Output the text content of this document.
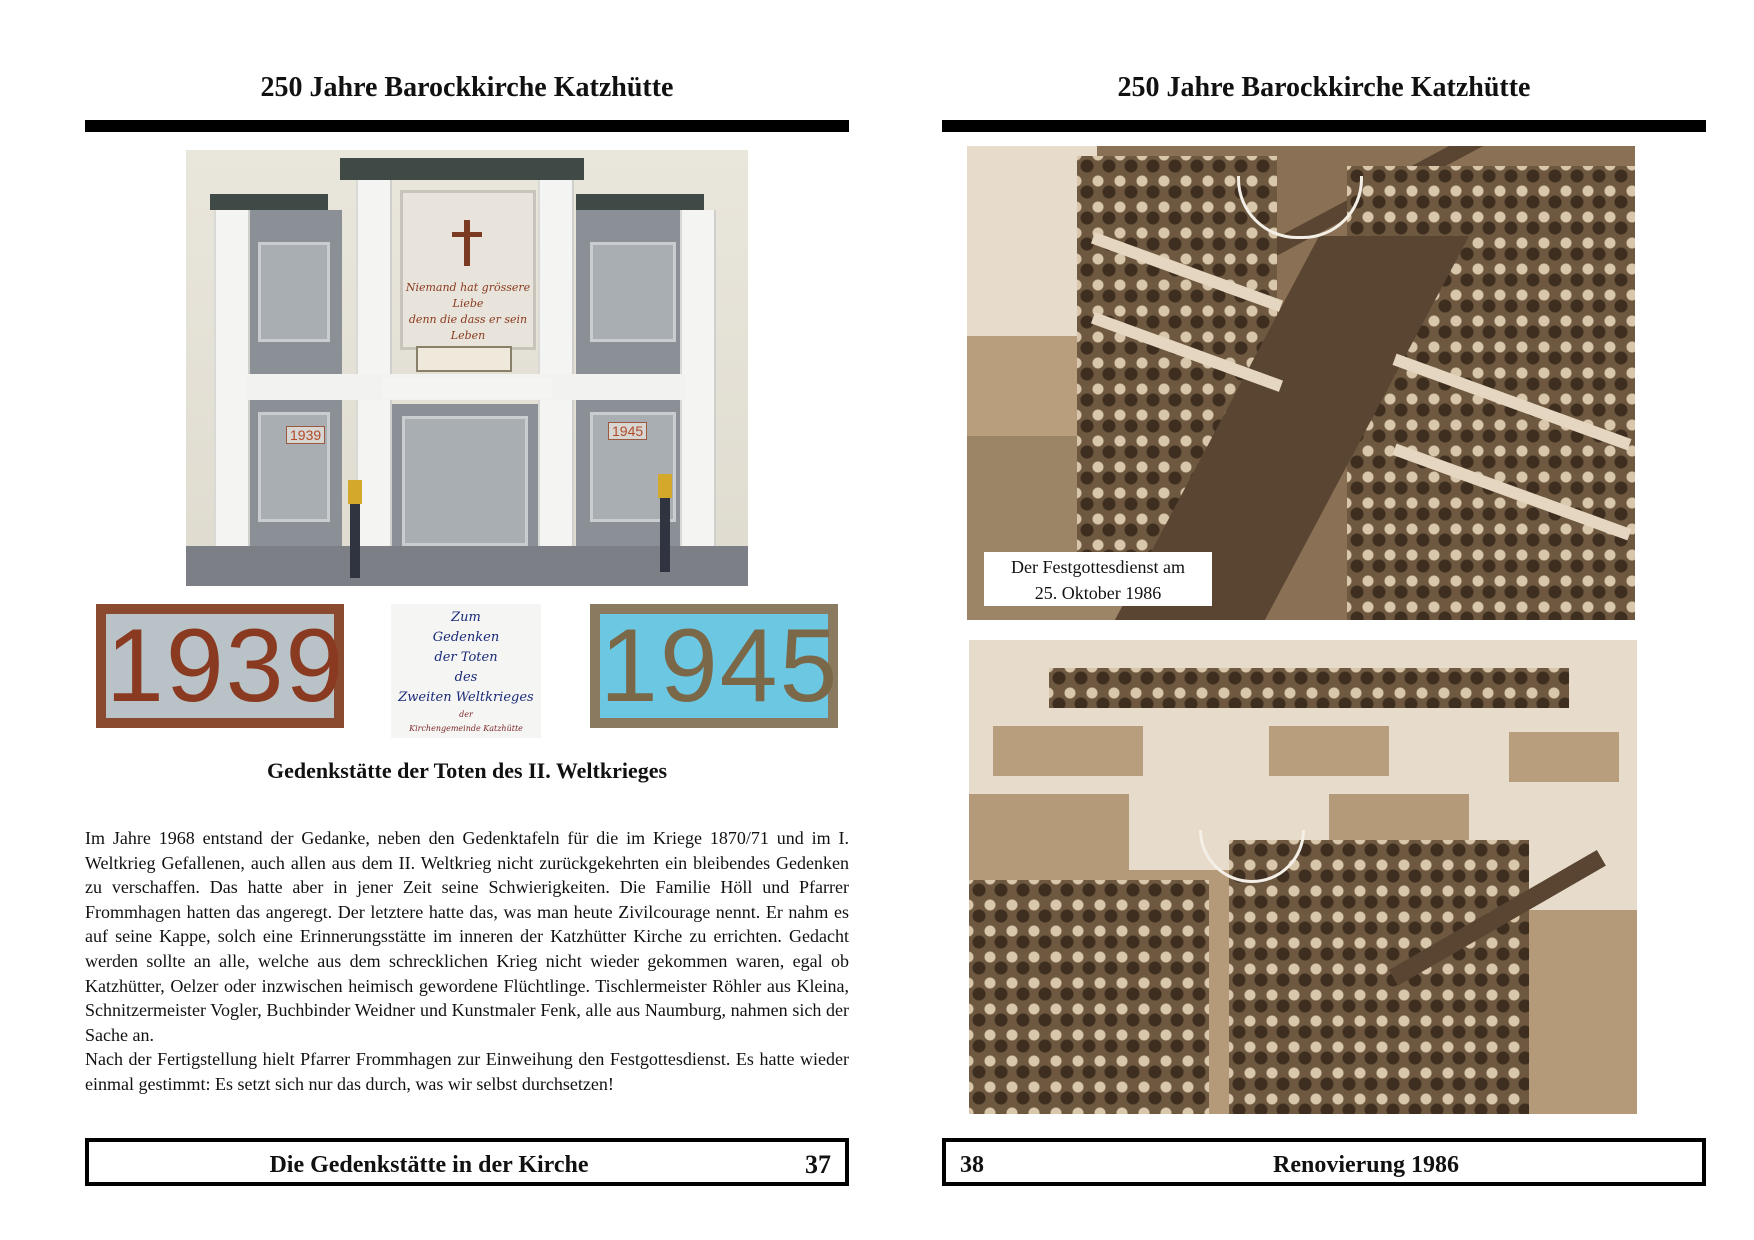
250 Jahre Barockkirche Katzhütte
Niemand hat grössere Liebe
denn die dass er sein Leben
1939	1945
1939	Zum
Gedenken
der Toten
des
Zweiten Weltkrieges
der
Kirchengemeinde Katzhütte
1945
Gedenkstätte der Toten des II. Weltkrieges

Im Jahre 1968 entstand der Gedanke, neben den Gedenktafeln für die im Kriege 1870/71 und im I. Weltkrieg Gefallenen, auch allen aus dem II. Weltkrieg nicht zurückgekehrten ein bleibendes Gedenken zu verschaffen. Das hatte aber in jener Zeit seine Schwierigkeiten. Die Familie Höll und Pfarrer Frommhagen hatten das angeregt. Der letztere hatte das, was man heute Zivilcourage nennt. Er nahm es auf seine Kappe, solch eine Erinnerungsstätte im inneren der Katzhütter Kirche zu errichten. Gedacht werden sollte an alle, welche aus dem schrecklichen Krieg nicht wieder gekommen waren, egal ob Katzhütter, Oelzer oder inzwischen heimisch gewordene Flüchtlinge. Tischlermeister Röhler aus Kleina, Schnitzermeister Vogler, Buchbinder Weidner und Kunstmaler Fenk, alle aus Naumburg, nahmen sich der Sache an.

Nach der Fertigstellung hielt Pfarrer Frommhagen zur Einweihung den Festgottesdienst. Es hatte wieder einmal gestimmt: Es setzt sich nur das durch, was wir selbst durchsetzen!

Die Gedenkstätte in der Kirche	37
250 Jahre Barockkirche Katzhütte
Der Festgottesdienst am
25. Oktober 1986
38	Renovierung 1986
